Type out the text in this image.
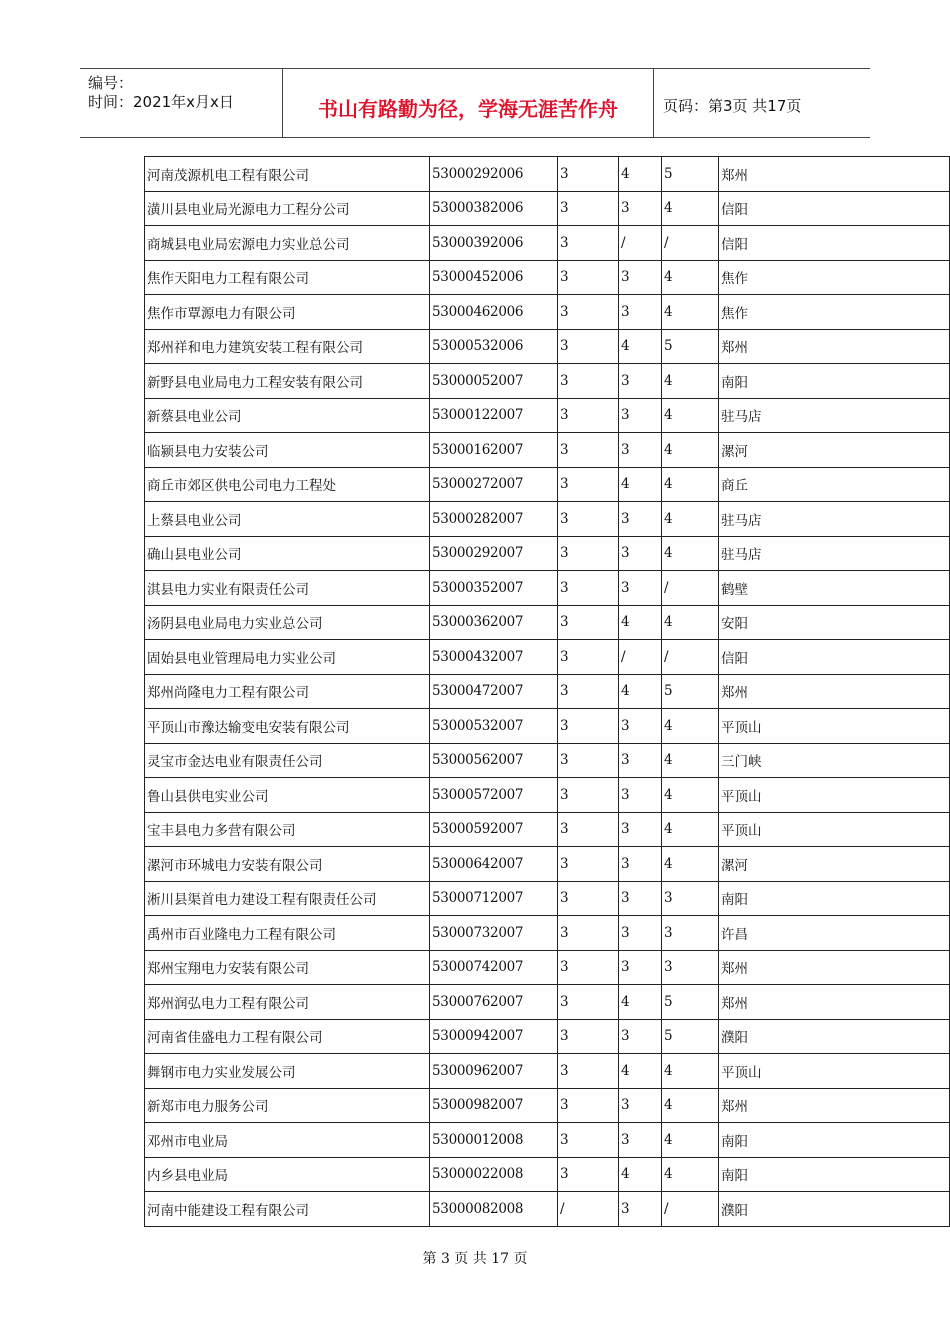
编号：
时间：2021年x月x日	书山有路勤为径，学海无涯苦作舟	页码：第3页 共17页
河南茂源机电工程有限公司	53000292006	3	4	5	郑州
潢川县电业局光源电力工程分公司	53000382006	3	3	4	信阳
商城县电业局宏源电力实业总公司	53000392006	3	/	/	信阳
焦作天阳电力工程有限公司	53000452006	3	3	4	焦作
焦作市覃源电力有限公司	53000462006	3	3	4	焦作
郑州祥和电力建筑安装工程有限公司	53000532006	3	4	5	郑州
新野县电业局电力工程安装有限公司	53000052007	3	3	4	南阳
新蔡县电业公司	53000122007	3	3	4	驻马店
临颍县电力安装公司	53000162007	3	3	4	漯河
商丘市郊区供电公司电力工程处	53000272007	3	4	4	商丘
上蔡县电业公司	53000282007	3	3	4	驻马店
确山县电业公司	53000292007	3	3	4	驻马店
淇县电力实业有限责任公司	53000352007	3	3	/	鹤壁
汤阴县电业局电力实业总公司	53000362007	3	4	4	安阳
固始县电业管理局电力实业公司	53000432007	3	/	/	信阳
郑州尚隆电力工程有限公司	53000472007	3	4	5	郑州
平顶山市豫达输变电安装有限公司	53000532007	3	3	4	平顶山
灵宝市金达电业有限责任公司	53000562007	3	3	4	三门峡
鲁山县供电实业公司	53000572007	3	3	4	平顶山
宝丰县电力多营有限公司	53000592007	3	3	4	平顶山
漯河市环城电力安装有限公司	53000642007	3	3	4	漯河
淅川县渠首电力建设工程有限责任公司	53000712007	3	3	3	南阳
禹州市百业隆电力工程有限公司	53000732007	3	3	3	许昌
郑州宝翔电力安装有限公司	53000742007	3	3	3	郑州
郑州润弘电力工程有限公司	53000762007	3	4	5	郑州
河南省佳盛电力工程有限公司	53000942007	3	3	5	濮阳
舞钢市电力实业发展公司	53000962007	3	4	4	平顶山
新郑市电力服务公司	53000982007	3	3	4	郑州
邓州市电业局	53000012008	3	3	4	南阳
内乡县电业局	53000022008	3	4	4	南阳
河南中能建设工程有限公司	53000082008	/	3	/	濮阳
第 3 页 共 17 页
